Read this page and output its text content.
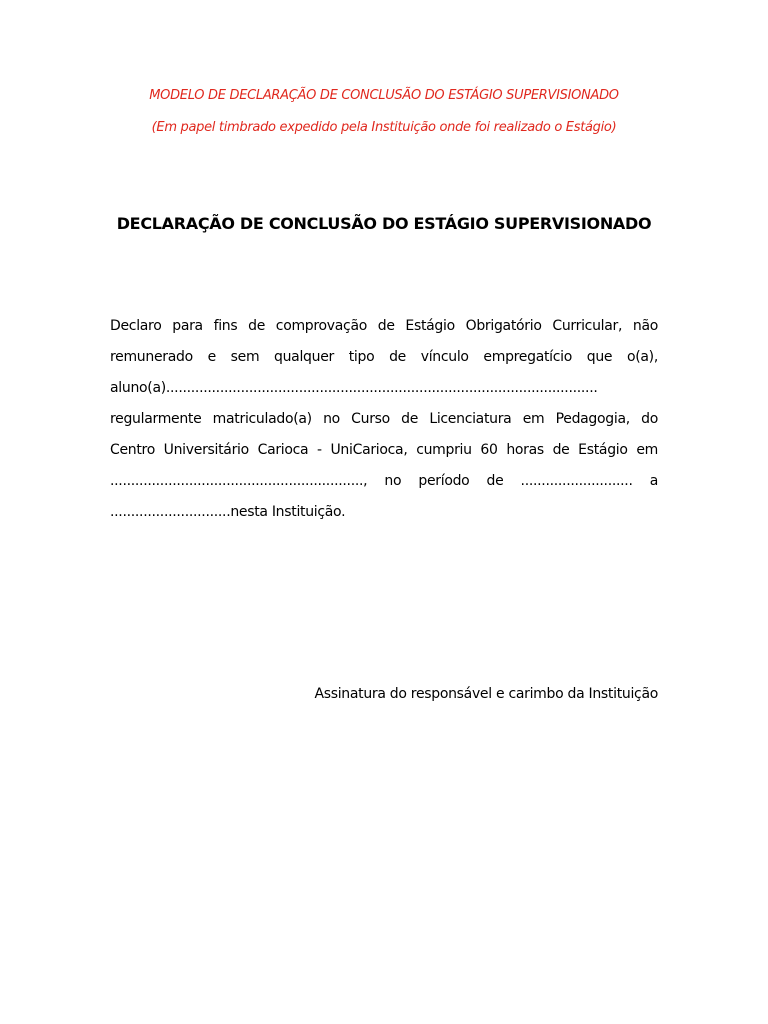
MODELO DE DECLARAÇÃO DE CONCLUSÃO DO ESTÁGIO SUPERVISIONADO

(Em papel timbrado expedido pela Instituição onde foi realizado o Estágio)

DECLARAÇÃO DE CONCLUSÃO DO ESTÁGIO SUPERVISIONADO
Declaro para fins de comprovação de Estágio Obrigatório Curricular, não
remunerado e sem qualquer tipo de vínculo empregatício que o(a),
aluno(a)........................................................................................................
regularmente matriculado(a) no Curso de Licenciatura em Pedagogia, do
Centro Universitário Carioca - UniCarioca, cumpriu 60 horas de Estágio em
............................................................., no período de ........................... a
.............................nesta Instituição.

Assinatura do responsável e carimbo da Instituição
